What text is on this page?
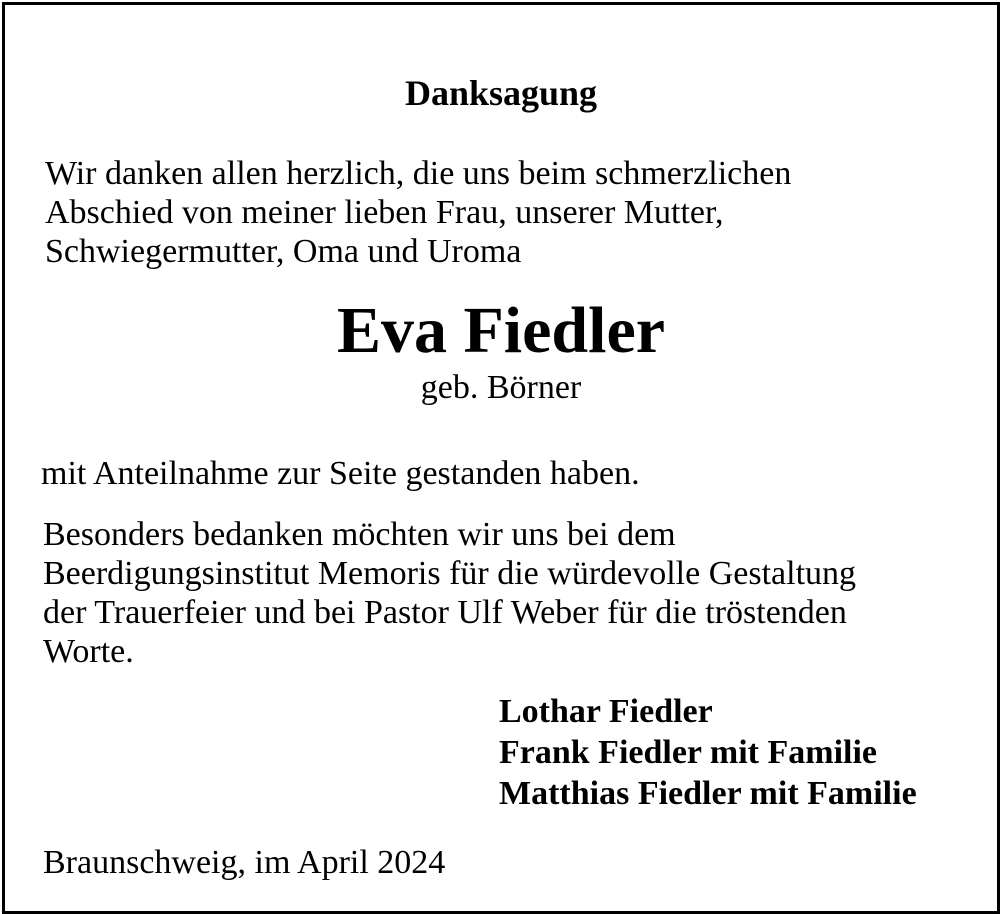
Danksagung
Wir danken allen herzlich, die uns beim schmerzlichen
Abschied von meiner lieben Frau, unserer Mutter,
Schwiegermutter, Oma und Uroma
Eva Fiedler
geb. Börner
mit Anteilnahme zur Seite gestanden haben.
Besonders bedanken möchten wir uns bei dem
Beerdigungsinstitut Memoris für die würdevolle Gestaltung
der Trauerfeier und bei Pastor Ulf Weber für die tröstenden
Worte.
Lothar Fiedler
Frank Fiedler mit Familie
Matthias Fiedler mit Familie
Braunschweig, im April 2024
